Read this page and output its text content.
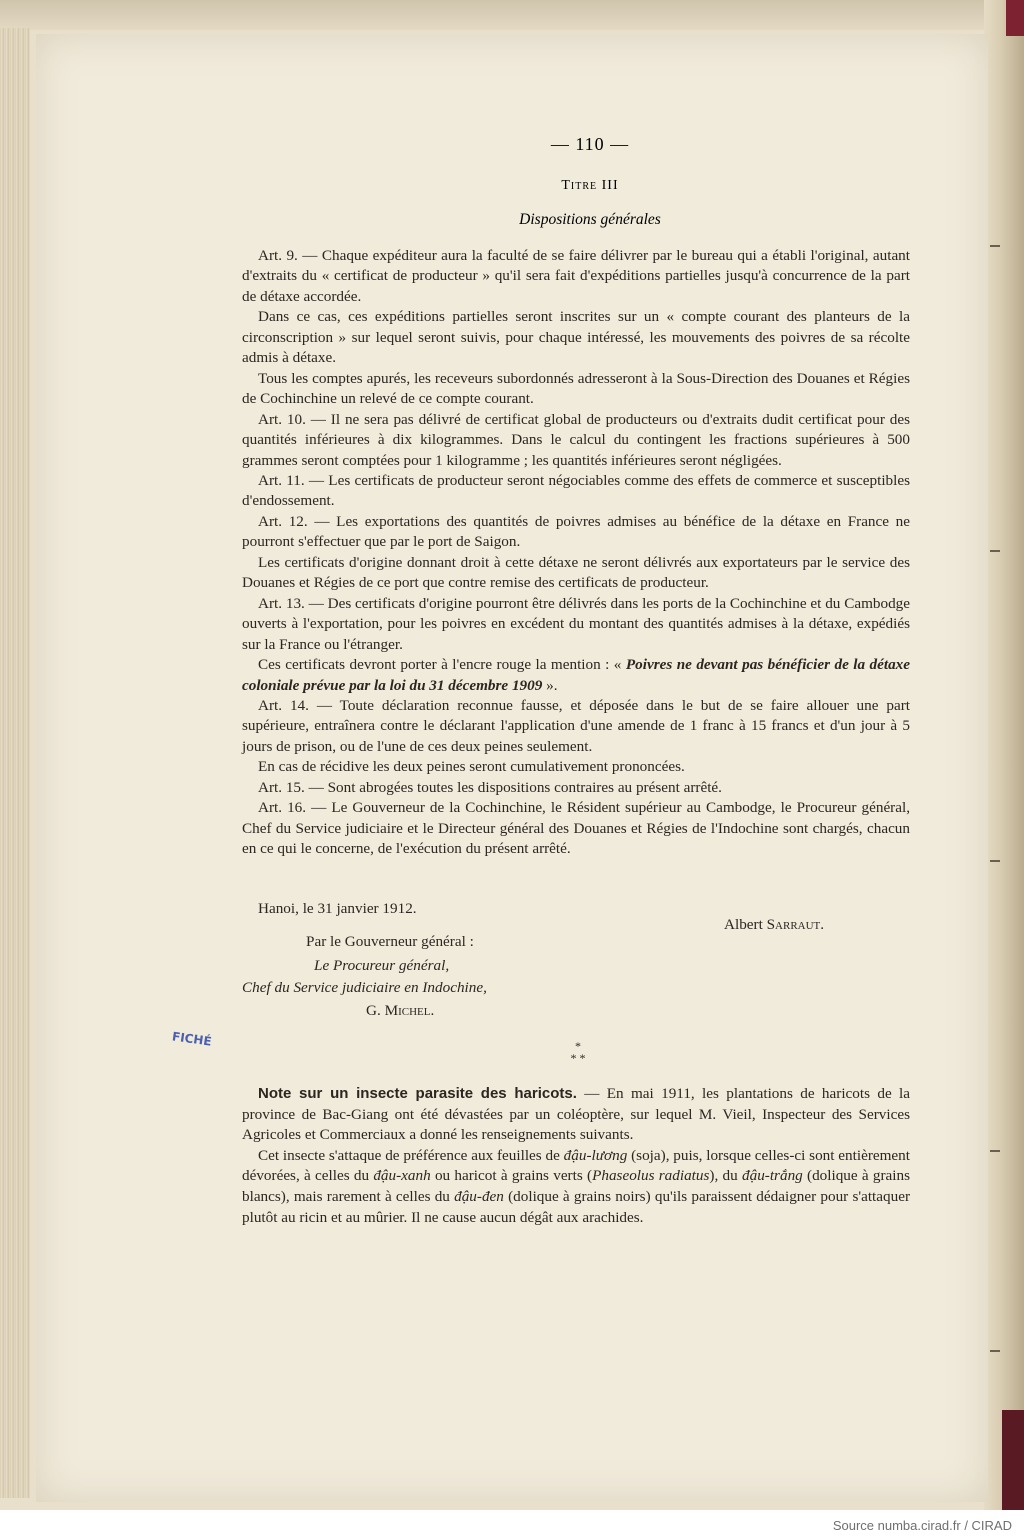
— 110 —
Titre III
Dispositions générales

Art. 9. — Chaque expéditeur aura la faculté de se faire délivrer par le bureau qui a établi l'original, autant d'extraits du « certificat de producteur » qu'il sera fait d'expéditions partielles jusqu'à concurrence de la part de détaxe accordée.

Dans ce cas, ces expéditions partielles seront inscrites sur un « compte courant des planteurs de la circonscription » sur lequel seront suivis, pour chaque intéressé, les mouvements des poivres de sa récolte admis à détaxe.

Tous les comptes apurés, les receveurs subordonnés adresseront à la Sous-Direction des Douanes et Régies de Cochinchine un relevé de ce compte courant.

Art. 10. — Il ne sera pas délivré de certificat global de producteurs ou d'extraits dudit certificat pour des quantités inférieures à dix kilogrammes. Dans le calcul du contingent les fractions supérieures à 500 grammes seront comptées pour 1 kilogramme ; les quantités inférieures seront négligées.

Art. 11. — Les certificats de producteur seront négociables comme des effets de commerce et susceptibles d'endossement.

Art. 12. — Les exportations des quantités de poivres admises au bénéfice de la détaxe en France ne pourront s'effectuer que par le port de Saigon.

Les certificats d'origine donnant droit à cette détaxe ne seront délivrés aux exportateurs par le service des Douanes et Régies de ce port que contre remise des certificats de producteur.

Art. 13. — Des certificats d'origine pourront être délivrés dans les ports de la Cochinchine et du Cambodge ouverts à l'exportation, pour les poivres en excédent du montant des quantités admises à la détaxe, expédiés sur la France ou l'étranger.

Ces certificats devront porter à l'encre rouge la mention : « Poivres ne devant pas bénéficier de la détaxe coloniale prévue par la loi du 31 décembre 1909 ».

Art. 14. — Toute déclaration reconnue fausse, et déposée dans le but de se faire allouer une part supérieure, entraînera contre le déclarant l'application d'une amende de 1 franc à 15 francs et d'un jour à 5 jours de prison, ou de l'une de ces deux peines seulement.

En cas de récidive les deux peines seront cumulativement prononcées.

Art. 15. — Sont abrogées toutes les dispositions contraires au présent arrêté.

Art. 16. — Le Gouverneur de la Cochinchine, le Résident supérieur au Cambodge, le Procureur général, Chef du Service judiciaire et le Directeur général des Douanes et Régies de l'Indochine sont chargés, chacun en ce qui le concerne, de l'exécution du présent arrêté.

Hanoi, le 31 janvier 1912.
Albert Sarraut.
Par le Gouverneur général :
Le Procureur général,
Chef du Service judiciaire en Indochine,
G. Michel.
FICHÉ	*
* *

Note sur un insecte parasite des haricots. — En mai 1911, les plantations de haricots de la province de Bac-Giang ont été dévastées par un coléoptère, sur lequel M. Vieil, Inspecteur des Services Agricoles et Commerciaux a donné les renseignements suivants.

Cet insecte s'attaque de préférence aux feuilles de đậu-lương (soja), puis, lorsque celles-ci sont entièrement dévorées, à celles du đậu-xanh ou haricot à grains verts (Phaseolus radiatus), du đậu-trắng (dolique à grains blancs), mais rarement à celles du đậu-đen (dolique à grains noirs) qu'ils paraissent dédaigner pour s'attaquer plutôt au ricin et au mûrier. Il ne cause aucun dégât aux arachides.

Source numba.cirad.fr / CIRAD
